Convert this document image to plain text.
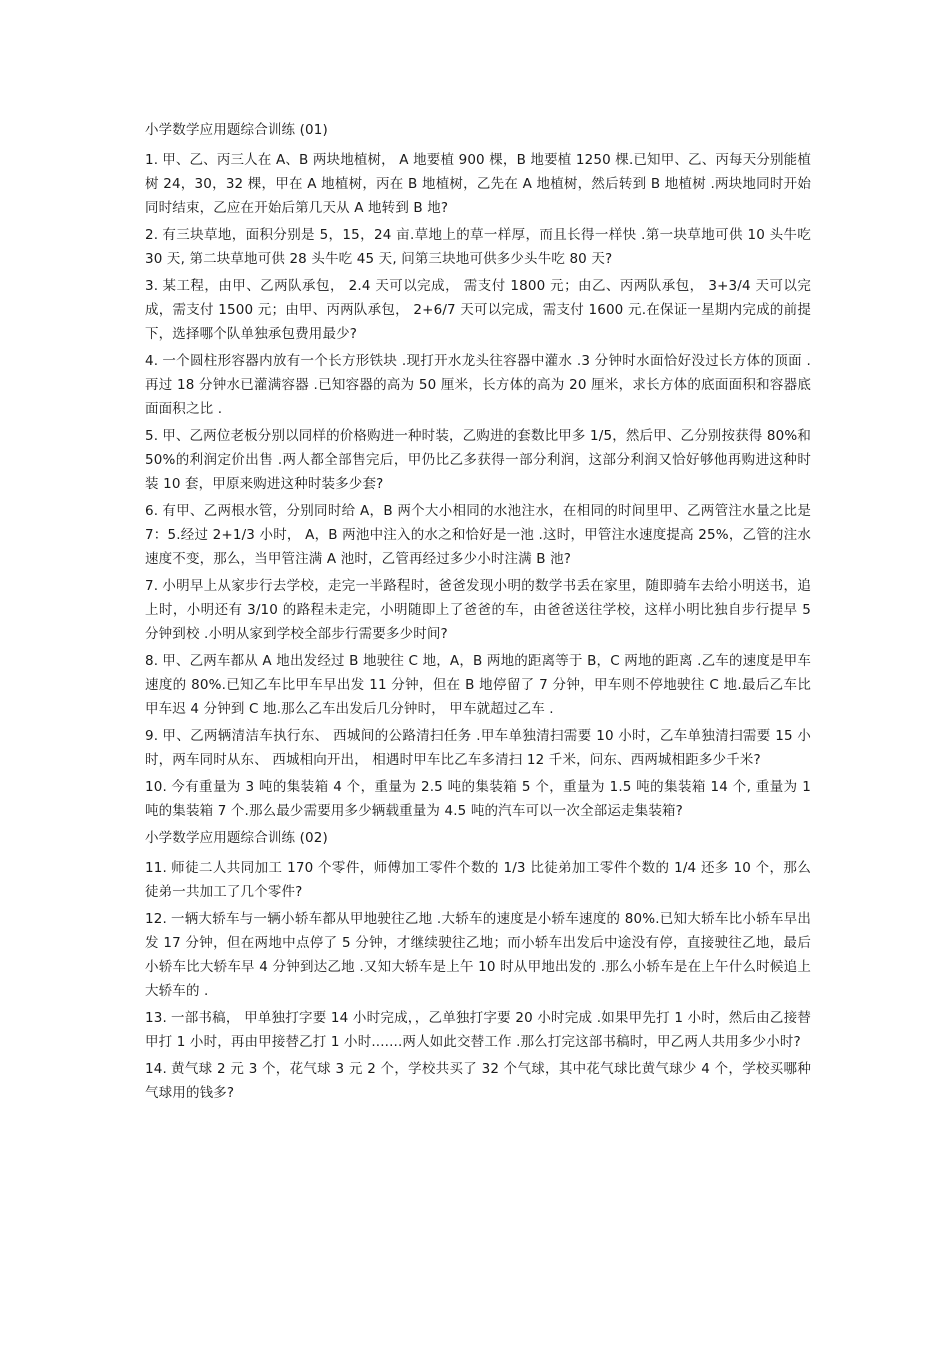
小学数学应用题综合训练 (01)

1. 甲、乙、丙三人在 A、B 两块地植树， A 地要植 900 棵，B 地要植 1250 棵.已知甲、乙、丙每天分别能植树 24，30，32 棵，甲在 A 地植树，丙在 B 地植树，乙先在 A 地植树，然后转到 B 地植树 .两块地同时开始同时结束，乙应在开始后第几天从 A 地转到 B 地?

2. 有三块草地，面积分别是 5，15，24 亩.草地上的草一样厚，而且长得一样快 .第一块草地可供 10 头牛吃 30 天, 第二块草地可供 28 头牛吃 45 天, 问第三块地可供多少头牛吃 80 天?

3. 某工程，由甲、乙两队承包， 2.4 天可以完成， 需支付 1800 元；由乙、丙两队承包， 3+3/4 天可以完成，需支付 1500 元；由甲、丙两队承包， 2+6/7 天可以完成，需支付 1600 元.在保证一星期内完成的前提下，选择哪个队单独承包费用最少?

4. 一个圆柱形容器内放有一个长方形铁块 .现打开水龙头往容器中灌水 .3 分钟时水面恰好没过长方体的顶面 .再过 18 分钟水已灌满容器 .已知容器的高为 50 厘米，长方体的高为 20 厘米，求长方体的底面面积和容器底面面积之比 .

5. 甲、乙两位老板分别以同样的价格购进一种时装，乙购进的套数比甲多 1/5，然后甲、乙分别按获得 80%和 50%的利润定价出售 .两人都全部售完后，甲仍比乙多获得一部分利润，这部分利润又恰好够他再购进这种时装 10 套，甲原来购进这种时装多少套?

6. 有甲、乙两根水管，分别同时给 A，B 两个大小相同的水池注水，在相同的时间里甲、乙两管注水量之比是 7：5.经过 2+1/3 小时， A，B 两池中注入的水之和恰好是一池 .这时，甲管注水速度提高 25%，乙管的注水速度不变，那么，当甲管注满 A 池时，乙管再经过多少小时注满 B 池?

7. 小明早上从家步行去学校，走完一半路程时，爸爸发现小明的数学书丢在家里，随即骑车去给小明送书，追上时，小明还有 3/10 的路程未走完，小明随即上了爸爸的车，由爸爸送往学校，这样小明比独自步行提早 5 分钟到校 .小明从家到学校全部步行需要多少时间?

8. 甲、乙两车都从 A 地出发经过 B 地驶往 C 地，A，B 两地的距离等于 B，C 两地的距离 .乙车的速度是甲车速度的 80%.已知乙车比甲车早出发 11 分钟，但在 B 地停留了 7 分钟，甲车则不停地驶往 C 地.最后乙车比甲车迟 4 分钟到 C 地.那么乙车出发后几分钟时， 甲车就超过乙车 .

9. 甲、乙两辆清洁车执行东、 西城间的公路清扫任务 .甲车单独清扫需要 10 小时，乙车单独清扫需要 15 小时，两车同时从东、 西城相向开出， 相遇时甲车比乙车多清扫 12 千米，问东、西两城相距多少千米?

10. 今有重量为 3 吨的集装箱 4 个，重量为 2.5 吨的集装箱 5 个，重量为 1.5 吨的集装箱 14 个, 重量为 1 吨的集装箱 7 个.那么最少需要用多少辆载重量为 4.5 吨的汽车可以一次全部运走集装箱?

小学数学应用题综合训练 (02)

11. 师徒二人共同加工 170 个零件，师傅加工零件个数的 1/3 比徒弟加工零件个数的 1/4 还多 10 个，那么徒弟一共加工了几个零件?

12. 一辆大轿车与一辆小轿车都从甲地驶往乙地 .大轿车的速度是小轿车速度的 80%.已知大轿车比小轿车早出发 17 分钟，但在两地中点停了 5 分钟，才继续驶往乙地；而小轿车出发后中途没有停，直接驶往乙地，最后小轿车比大轿车早 4 分钟到达乙地 .又知大轿车是上午 10 时从甲地出发的 .那么小轿车是在上午什么时候追上大轿车的 .

13. 一部书稿， 甲单独打字要 14 小时完成，，乙单独打字要 20 小时完成 .如果甲先打 1 小时，然后由乙接替甲打 1 小时，再由甲接替乙打 1 小时.......两人如此交替工作 .那么打完这部书稿时，甲乙两人共用多少小时?

14. 黄气球 2 元 3 个，花气球 3 元 2 个，学校共买了 32 个气球，其中花气球比黄气球少 4 个，学校买哪种气球用的钱多?
